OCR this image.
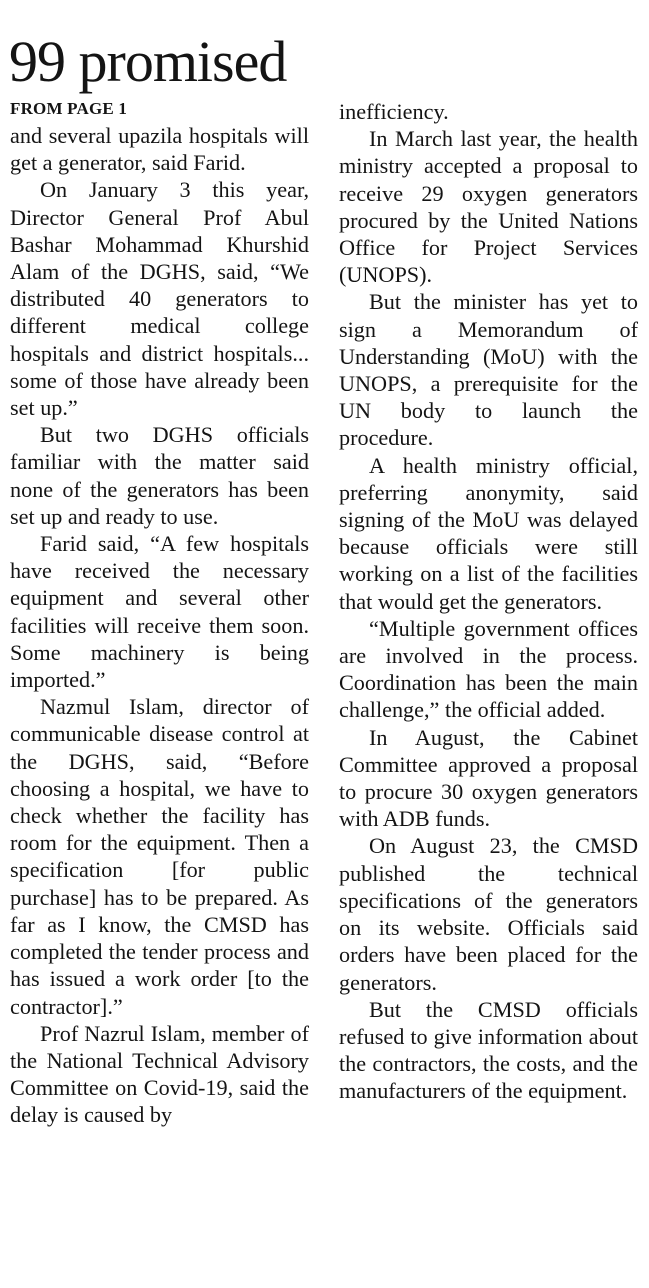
99 promised
FROM PAGE 1

and several upazila hospitals will get a generator, said Farid.

On January 3 this year, Director General Prof Abul Bashar Mohammad Khurshid Alam of the DGHS, said, “We distributed 40 generators to different medical college hospitals and district hospitals... some of those have already been set up.”

But two DGHS officials familiar with the matter said none of the generators has been set up and ready to use.

Farid said, “A few hospitals have received the necessary equipment and several other facilities will receive them soon. Some machinery is being imported.”

Nazmul Islam, director of communicable disease control at the DGHS, said, “Before choosing a hospital, we have to check whether the facility has room for the equipment. Then a specification [for public purchase] has to be prepared. As far as I know, the CMSD has completed the tender process and has issued a work order [to the contractor].”

Prof Nazrul Islam, member of the National Technical Advisory Committee on Covid-19, said the delay is caused by

inefficiency.

In March last year, the health ministry accepted a proposal to receive 29 oxygen generators procured by the United Nations Office for Project Services (UNOPS).

But the minister has yet to sign a Memorandum of Understanding (MoU) with the UNOPS, a prerequisite for the UN body to launch the procedure.

A health ministry official, preferring anonymity, said signing of the MoU was delayed because officials were still working on a list of the facilities that would get the generators.

“Multiple government offices are involved in the process. Coordination has been the main challenge,” the official added.

In August, the Cabinet Committee approved a proposal to procure 30 oxygen generators with ADB funds.

On August 23, the CMSD published the technical specifications of the generators on its website. Officials said orders have been placed for the generators.

But the CMSD officials refused to give information about the contractors, the costs, and the manufacturers of the equipment.
